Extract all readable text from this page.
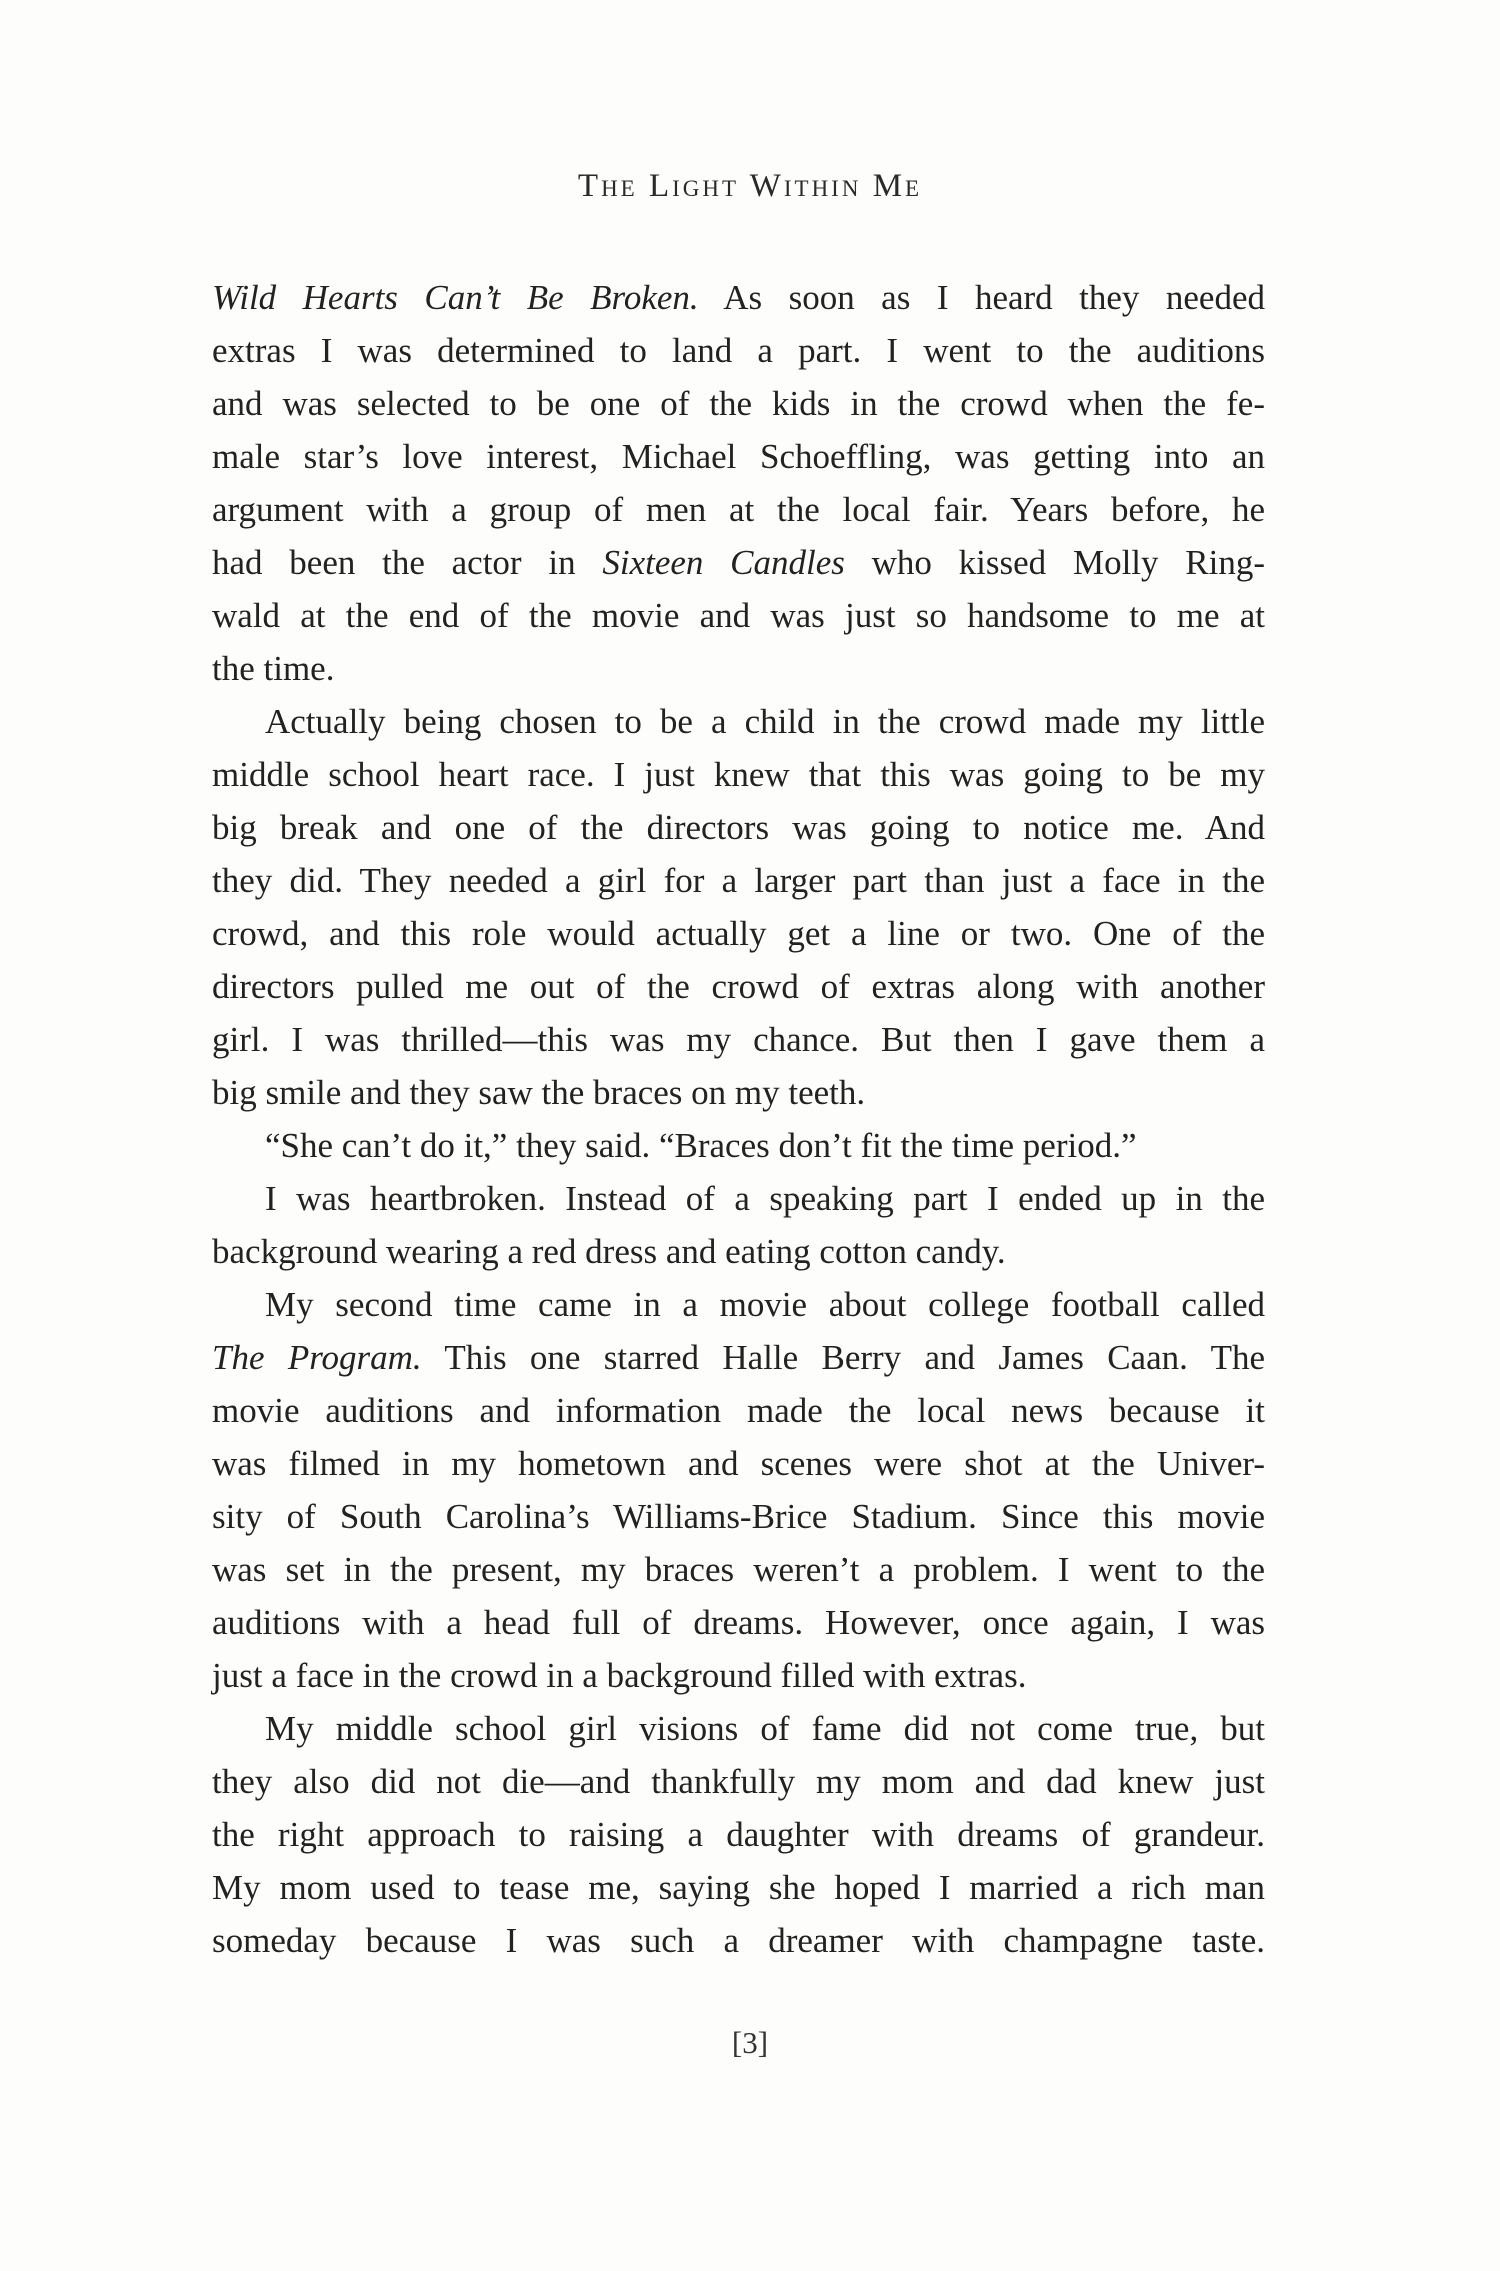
The Light Within Me
Wild Hearts Can’t Be Broken. As soon as I heard they needed
extras I was determined to land a part. I went to the auditions
and was selected to be one of the kids in the crowd when the fe-
male star’s love interest, Michael Schoeffling, was getting into an
argument with a group of men at the local fair. Years before, he
had been the actor in Sixteen Candles who kissed Molly Ring-
wald at the end of the movie and was just so handsome to me at
the time.
Actually being chosen to be a child in the crowd made my little
middle school heart race. I just knew that this was going to be my
big break and one of the directors was going to notice me. And
they did. They needed a girl for a larger part than just a face in the
crowd, and this role would actually get a line or two. One of the
directors pulled me out of the crowd of extras along with another
girl. I was thrilled—this was my chance. But then I gave them a
big smile and they saw the braces on my teeth.
“She can’t do it,” they said. “Braces don’t fit the time period.”
I was heartbroken. Instead of a speaking part I ended up in the
background wearing a red dress and eating cotton candy.
My second time came in a movie about college football called
The Program. This one starred Halle Berry and James Caan. The
movie auditions and information made the local news because it
was filmed in my hometown and scenes were shot at the Univer-
sity of South Carolina’s Williams-Brice Stadium. Since this movie
was set in the present, my braces weren’t a problem. I went to the
auditions with a head full of dreams. However, once again, I was
just a face in the crowd in a background filled with extras.
My middle school girl visions of fame did not come true, but
they also did not die—and thankfully my mom and dad knew just
the right approach to raising a daughter with dreams of grandeur.
My mom used to tease me, saying she hoped I married a rich man
someday because I was such a dreamer with champagne taste.
[3]
